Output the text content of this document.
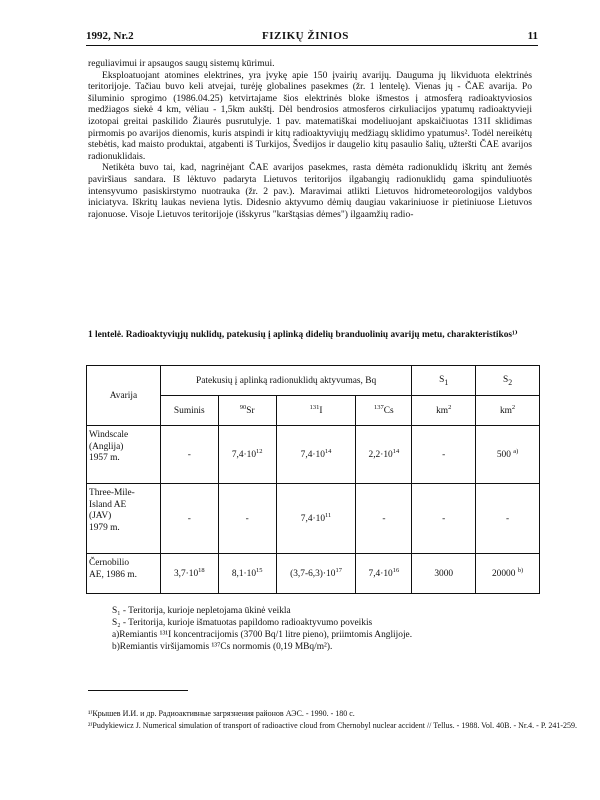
1992, Nr.2	FIZIKŲ ŽINIOS	11

reguliavimui ir apsaugos saugų sistemų kūrimui.

Eksploatuojant atomines elektrines, yra įvykę apie 150 įvairių avarijų. Dauguma jų likviduota elektrinės teritorijoje. Tačiau buvo keli atvejai, turėję globalines pasekmes (žr. 1 lentelę). Vienas jų - ČAE avarija. Po šiluminio sprogimo (1986.04.25) ketvirtajame šios elektrinės bloke išmestos į atmosferą radioaktyviosios medžiagos siekė 4 km, vėliau - 1,5km aukštį. Dėl bendrosios atmosferos cirkuliacijos ypatumų radioaktyvieji izotopai greitai paskilido Žiaurės pusrutulyje. 1 pav. matematiškai modeliuojant apskaičiuotas 131I sklidimas pirmomis po avarijos dienomis, kuris atspindi ir kitų radioaktyviųjų medžiagų sklidimo ypatumus². Todėl nereikėtų stebėtis, kad maisto produktai, atgabenti iš Turkijos, Švedijos ir daugelio kitų pasaulio šalių, užteršti ČAE avarijos radionuklidais.

Netikėta buvo tai, kad, nagrinėjant ČAE avarijos pasekmes, rasta dėmėta radionuklidų iškritų ant žemės paviršiaus sandara. Iš lėktuvo padaryta Lietuvos teritorijos ilgabangių radionuklidų gama spinduliuotės intensyvumo pasiskirstymo nuotrauka (žr. 2 pav.). Maravimai atlikti Lietuvos hidrometeorologijos valdybos iniciatyva. Iškritų laukas neviena lytis. Didesnio aktyvumo dėmių daugiau vakariniuose ir pietiniuose Lietuvos rajonuose. Visoje Lietuvos teritorijoje (išskyrus "karštąsias dėmes") ilgaamžių radio-

1 lentelė. Radioaktyviųjų nuklidų, patekusių į aplinką didelių branduolinių avarijų metu, charakteristikos¹⁾
Avarija	Patekusių į aplinką radionuklidų aktyvumas, Bq				$S_1$	$S_2$
	Suminis	$^{90}$Sr	$^{131}$I	$^{137}$Cs	$km^2$	$km^2$

Windscale
(Anglija)
1957 m.	-	$7,4\cdot 10^{12}$	$7,4\cdot 10^{14}$	$2,2\cdot 10^{14}$	-	500 $^{a)}$

Three-Mile-
Island AE
(JAV)
1979 m.	-	-	$7,4\cdot 10^{11}$	-	-	-

Černobilio
AE, 1986 m.	$3,7\cdot 10^{18}$	$8,1\cdot 10^{15}$	$(3,7-6,3)\cdot 10^{17}$	$7,4\cdot 10^{16}$	3000	20000 $^{b)}$
S₁ - Teritorija, kurioje nepletojama ūkinė veikla
S₂ - Teritorija, kurioje išmatuotas papildomo radioaktyvumo poveikis
a)Remiantis ¹³¹I koncentracijomis (3700 Bq/1 litre pieno), priimtomis Anglijoje.
b)Remiantis viršijamomis ¹³⁷Cs normomis (0,19 MBq/m²).
¹⁾Крышев И.И. и др. Радиоактивные загрязнения районов АЭС. - 1990. - 180 с.
²⁾Pudykiewicz J. Numerical simulation of transport of radioactive cloud from Chernobyl nuclear accident // Tellus. - 1988. Vol. 40B. - Nr.4. - P. 241-259.
